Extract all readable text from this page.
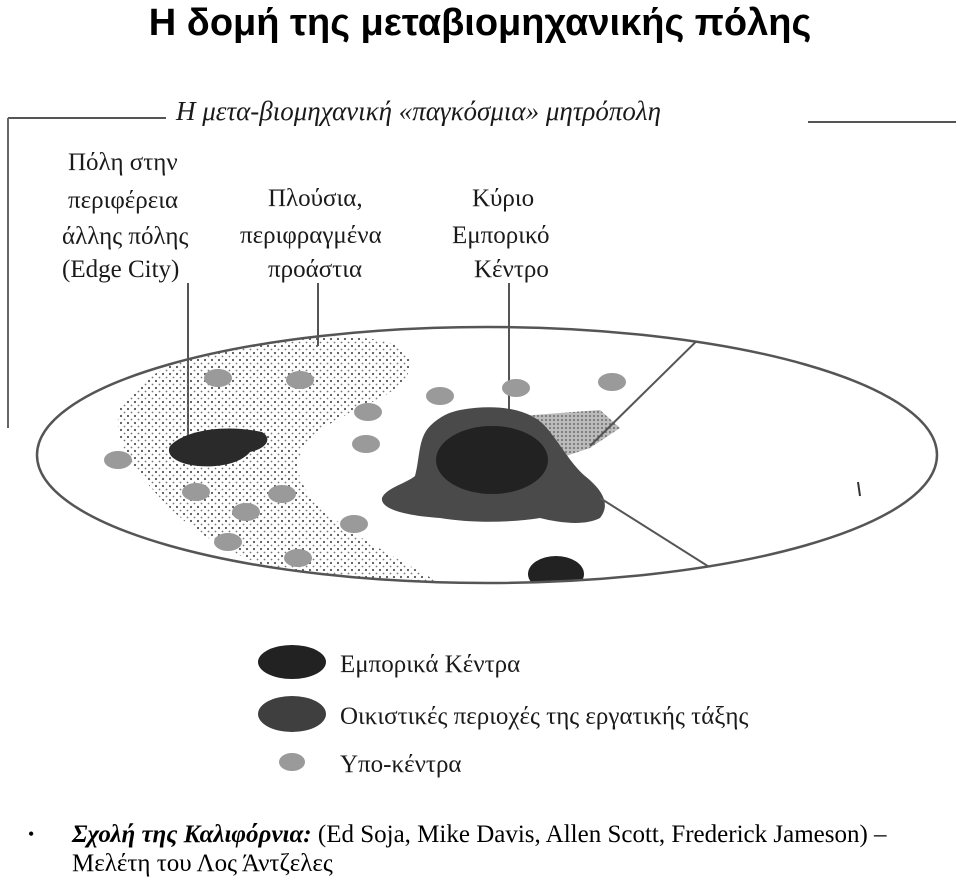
Η δομή της μεταβιομηχανικής πόλης
Η μετα-βιομηχανική «παγκόσμια» μητρόπολη
Πόλη στην
περιφέρεια
άλλης πόλης
(Edge City)
Πλούσια,
περιφραγμένα
προάστια
Κύριο
Εμπορικό
Κέντρο
Εμπορικά Κέντρα
Οικιστικές περιοχές της εργατικής τάξης
Υπο-κέντρα
• Σχολή της Καλιφόρνια: (Ed Soja, Mike Davis, Allen Scott, Frederick Jameson) – Μελέτη του Λος Άντζελες
